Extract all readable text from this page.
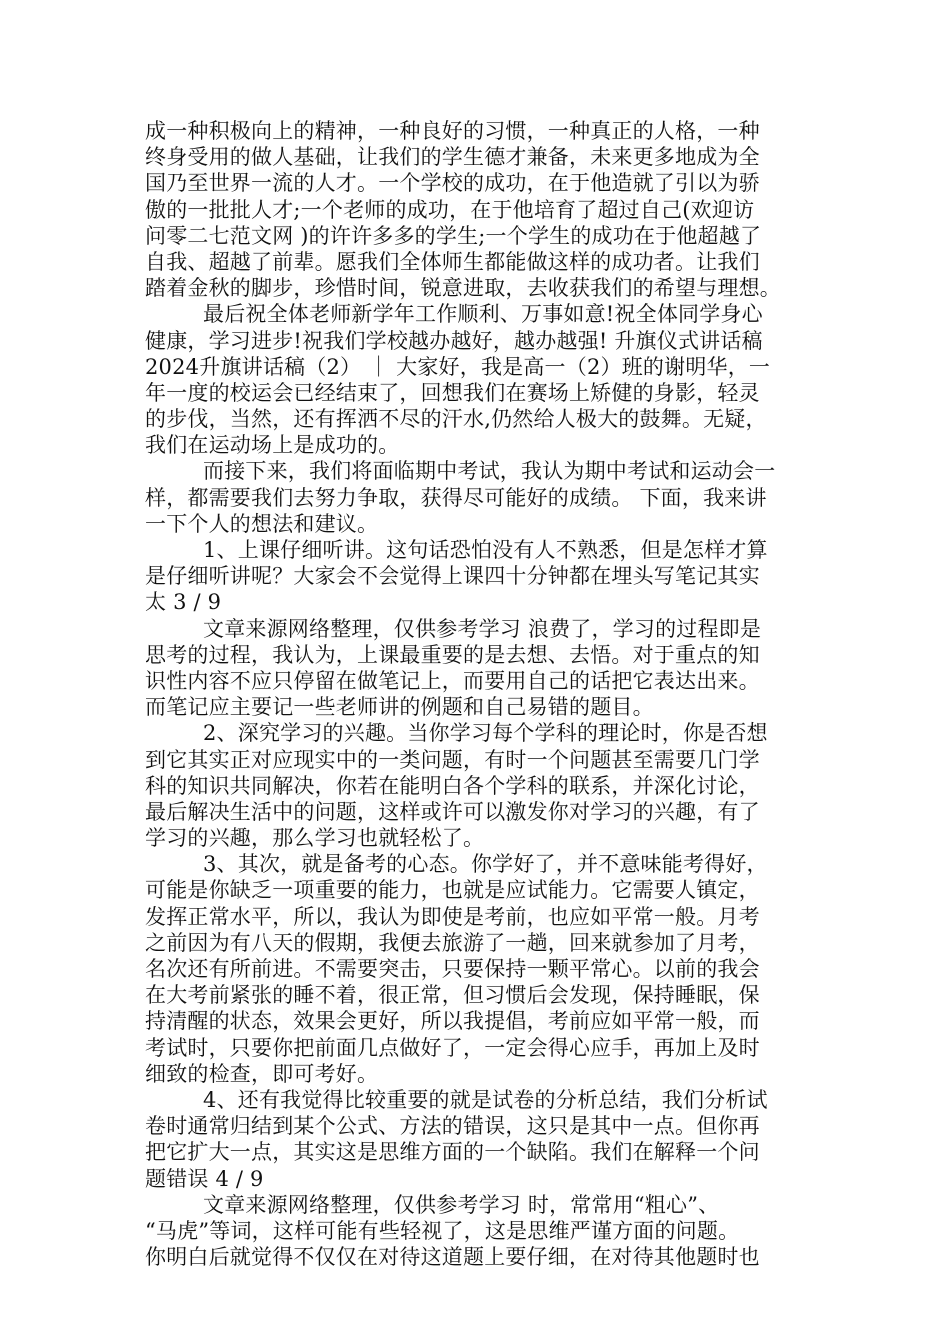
成一种积极向上的精神，一种良好的习惯，一种真正的人格，一种
终身受用的做人基础，让我们的学生德才兼备，未来更多地成为全
国乃至世界一流的人才。一个学校的成功，在于他造就了引以为骄
傲的一批批人才;一个老师的成功，在于他培育了超过自己(欢迎访
问零二七范文网 )的许许多多的学生;一个学生的成功在于他超越了
自我、超越了前辈。愿我们全体师生都能做这样的成功者。让我们
踏着金秋的脚步，珍惜时间，锐意进取，去收获我们的希望与理想。
最后祝全体老师新学年工作顺利、万事如意!祝全体同学身心
健康，学习进步!祝我们学校越办越好，越办越强! 升旗仪式讲话稿
2024升旗讲话稿（2） ｜ 大家好，我是高一（2）班的谢明华，一
年一度的校运会已经结束了，回想我们在赛场上矫健的身影，轻灵
的步伐，当然，还有挥洒不尽的汗水,仍然给人极大的鼓舞。无疑，
我们在运动场上是成功的。
而接下来，我们将面临期中考试，我认为期中考试和运动会一
样，都需要我们去努力争取，获得尽可能好的成绩。 下面，我来讲
一下个人的想法和建议。
1、上课仔细听讲。这句话恐怕没有人不熟悉，但是怎样才算
是仔细听讲呢？大家会不会觉得上课四十分钟都在埋头写笔记其实
太 3 / 9
文章来源网络整理，仅供参考学习 浪费了，学习的过程即是
思考的过程，我认为，上课最重要的是去想、去悟。对于重点的知
识性内容不应只停留在做笔记上，而要用自己的话把它表达出来。
而笔记应主要记一些老师讲的例题和自己易错的题目。
2、深究学习的兴趣。当你学习每个学科的理论时，你是否想
到它其实正对应现实中的一类问题，有时一个问题甚至需要几门学
科的知识共同解决，你若在能明白各个学科的联系，并深化讨论，
最后解决生活中的问题，这样或许可以激发你对学习的兴趣，有了
学习的兴趣，那么学习也就轻松了。
3、其次，就是备考的心态。你学好了，并不意味能考得好，
可能是你缺乏一项重要的能力，也就是应试能力。它需要人镇定，
发挥正常水平，所以，我认为即使是考前，也应如平常一般。月考
之前因为有八天的假期，我便去旅游了一趟，回来就参加了月考，
名次还有所前进。不需要突击，只要保持一颗平常心。以前的我会
在大考前紧张的睡不着，很正常，但习惯后会发现，保持睡眠，保
持清醒的状态，效果会更好，所以我提倡，考前应如平常一般，而
考试时，只要你把前面几点做好了，一定会得心应手，再加上及时
细致的检查，即可考好。
4、还有我觉得比较重要的就是试卷的分析总结，我们分析试
卷时通常归结到某个公式、方法的错误，这只是其中一点。但你再
把它扩大一点，其实这是思维方面的一个缺陷。我们在解释一个问
题错误 4 / 9
文章来源网络整理，仅供参考学习 时，常常用“粗心”、
“马虎”等词，这样可能有些轻视了，这是思维严谨方面的问题。
你明白后就觉得不仅仅在对待这道题上要仔细，在对待其他题时也
